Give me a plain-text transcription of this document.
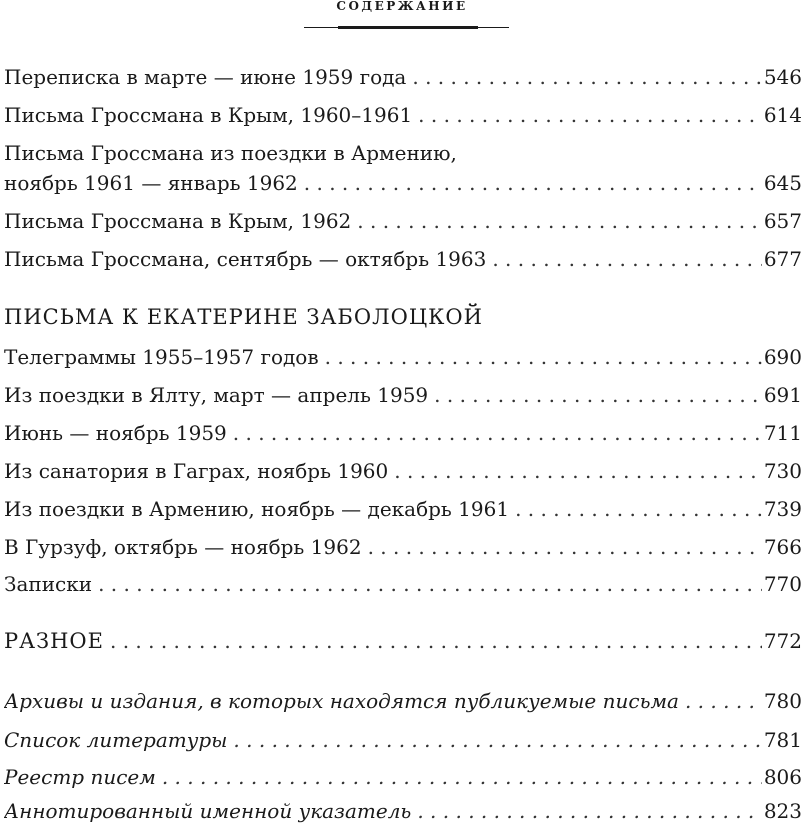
СОДЕРЖАНИЕ
Переписка в марте — июне 1959 года . . .	546
Письма Гроссмана в Крым, 1960–1961 . . .	614
Письма Гроссмана из поездки в Армению,
ноябрь 1961 — январь 1962 . . .	645
Письма Гроссмана в Крым, 1962 . . .	657
Письма Гроссмана, сентябрь — октябрь 1963 . . .	677
ПИСЬМА К ЕКАТЕРИНЕ ЗАБОЛОЦКОЙ
Телеграммы 1955–1957 годов . . .	690
Из поездки в Ялту, март — апрель 1959 . . .	691
Июнь — ноябрь 1959 . . .	711
Из санатория в Гаграх, ноябрь 1960 . . .	730
Из поездки в Армению, ноябрь — декабрь 1961 . . .	739
В Гурзуф, октябрь — ноябрь 1962 . . .	766
Записки . . .	770
РАЗНОЕ . . .	772
Архивы и издания, в которых находятся публикуемые письма . . .	780
Список литературы . . .	781
Реестр писем . . .	806
Аннотированный именной указатель . . .	823
